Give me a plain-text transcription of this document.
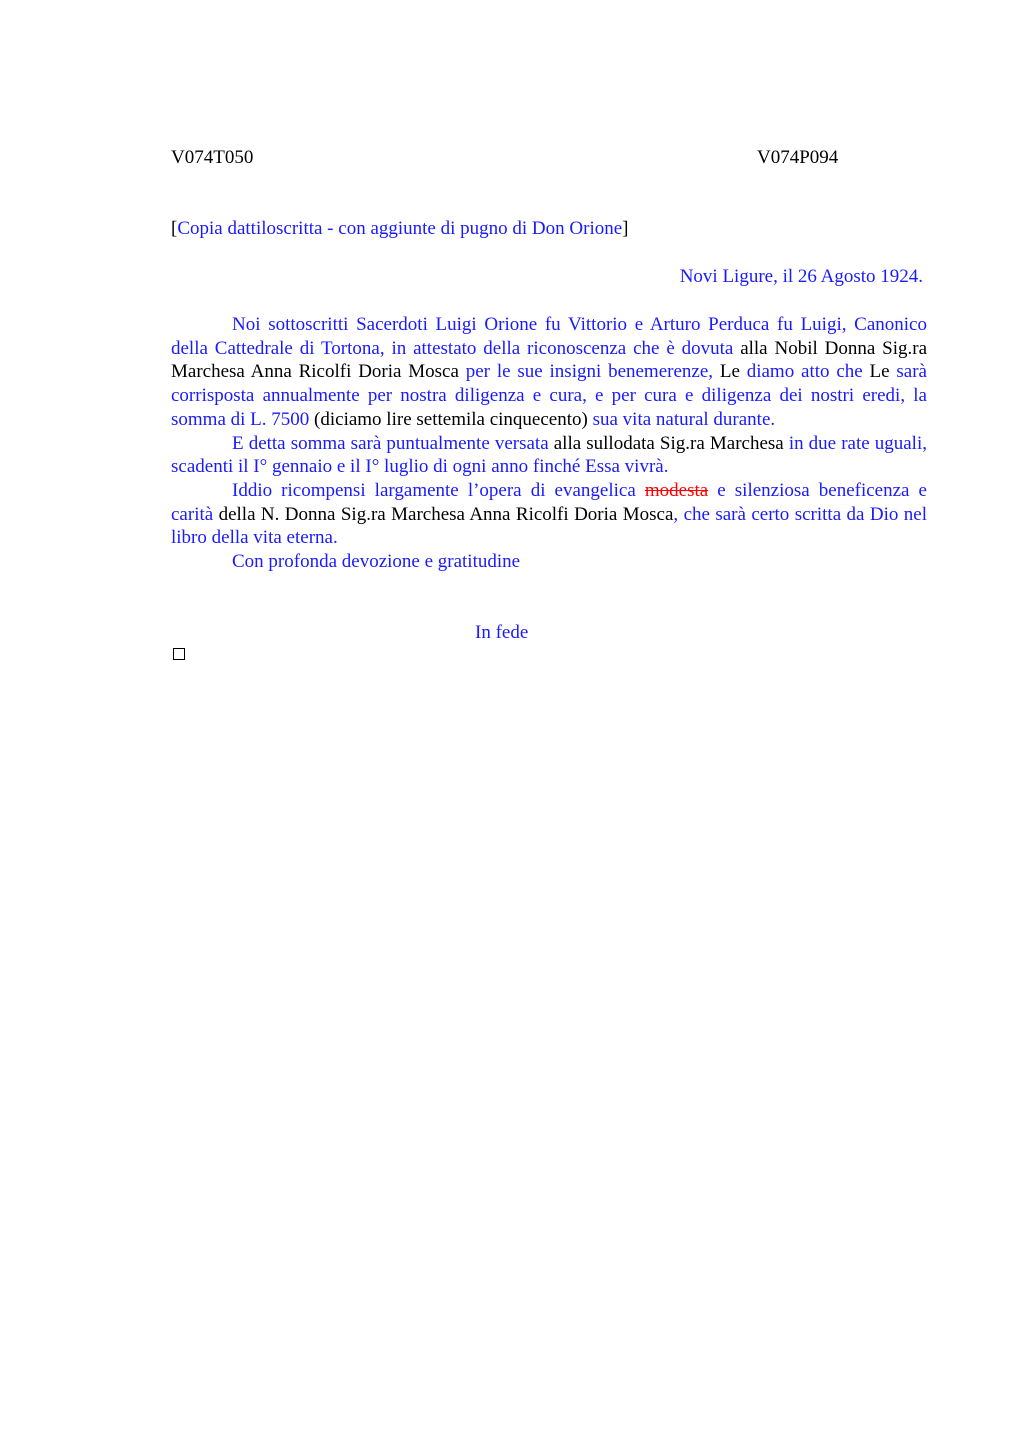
V074T050	V074P094
[Copia dattiloscritta - con aggiunte di pugno di Don Orione]
Novi Ligure, il 26 Agosto 1924.

Noi sottoscritti Sacerdoti Luigi Orione fu Vittorio e Arturo Perduca fu Luigi, Canonico della Cattedrale di Tortona, in attestato della riconoscenza che è dovuta alla Nobil Donna Sig.ra Marchesa Anna Ricolfi Doria Mosca per le sue insigni benemerenze, Le diamo atto che Le sarà corrisposta annualmente per nostra diligenza e cura, e per cura e diligenza dei nostri eredi, la somma di L. 7500 (diciamo lire settemila cinquecento) sua vita natural durante.

E detta somma sarà puntualmente versata alla sullodata Sig.ra Marchesa in due rate uguali, scadenti il I° gennaio e il I° luglio di ogni anno finché Essa vivrà.

Iddio ricompensi largamente l’opera di evangelica modesta e silenziosa beneficenza e carità della N. Donna Sig.ra Marchesa Anna Ricolfi Doria Mosca, che sarà certo scritta da Dio nel libro della vita eterna.

Con profonda devozione e gratitudine

In fede
